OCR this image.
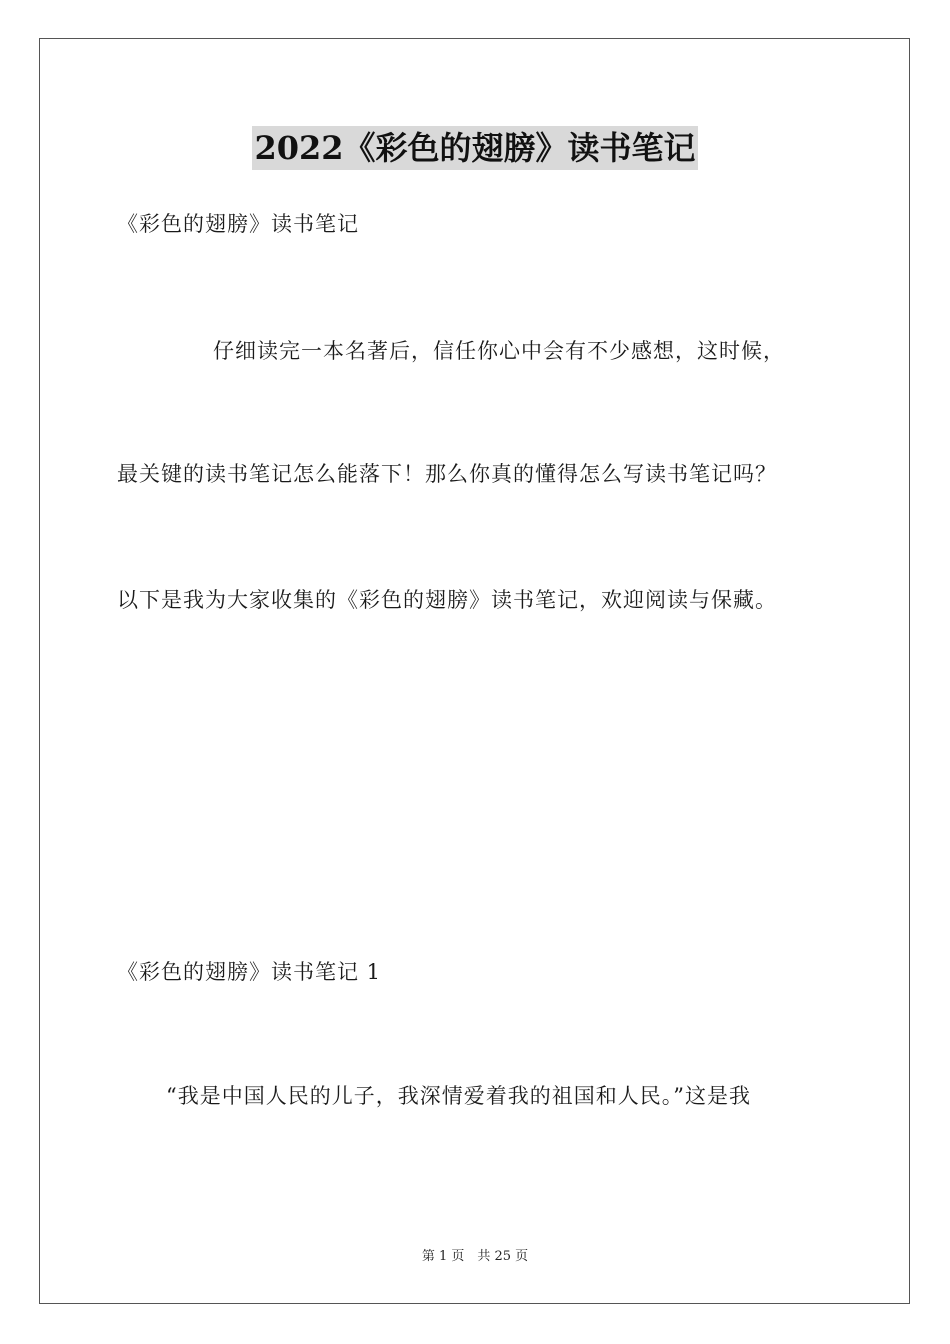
2022《彩色的翅膀》读书笔记
《彩色的翅膀》读书笔记
仔细读完一本名著后，信任你心中会有不少感想，这时候，
最关键的读书笔记怎么能落下！那么你真的懂得怎么写读书笔记吗？
以下是我为大家收集的《彩色的翅膀》读书笔记，欢迎阅读与保藏。
《彩色的翅膀》读书笔记 1
“我是中国人民的儿子，我深情爱着我的祖国和人民。”这是我
第 1 页　共 25 页
